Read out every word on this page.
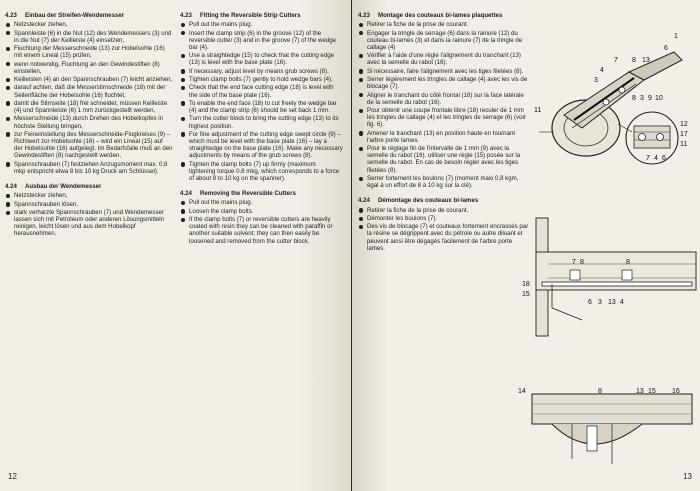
4.23	Einbau der Streifen-Wendemesser
Netzstecker ziehen,
Spannleiste (6) in die Nut (12) des Wendemessers (3) und in die Nut (7) der Keilleiste (4) einsetzen,
Fluchtung der Messerschneide (13) zur Hobelsohle (16) mit einem Lineal (15) prüfen,
wenn notwendig, Fluchtung an den Gewindestiften (8) einstellen,
Keilleisten (4) an den Spannschrauben (7) leicht anziehen,
darauf achten, daß die Messerstirnschneide (18) mit der Seitenfläche der Hobelsohle (16) fluchtet,
damit die Stirnseite (18) frei schneidet, müssen Keilleiste (4) und Spannleiste (6) 1 mm zurückgestellt werden,
Messerschneide (13) durch Drehen des Hobelkopfes in höchste Stellung bringen,
zur Feineinstellung des Messerschneide-Flugkreises (9) – Richtwert zur Hobelsohle (16) – wird ein Lineal (15) auf der Hobelsohle (16) aufgelegt. Im Bedarfsfalle muß an den Gewindestiften (8) nachgestellt werden,
Spannschrauben (7) festziehen Anzugsmoment max. 0,8 mkp entspricht etwa 8 bis 10 kg Druck am Schlüssel).
4.24	Ausbau der Wendemesser
Netzstecker ziehen,
Spannschrauben lösen,
stark verharzte Spannschrauben (7) und Wendemesser lassen sich mit Petroleum oder anderen Lösungsmitteln reinigen, leicht lösen und aus dem Hobelkopf herausnehmen.
4.23	Fitting the Reversible Strip Cutters
Pull out the mains plug.
Insert the clamp strip (6) in the groove (12) of the reversible cutter (3) and in the groove (7) of the wedge bar (4).
Use a straightedge (15) to check that the cutting edge (13) is level with the base plate (16).
If necessary, adjust level by means grub screws (8).
Tighten clamp bolts (7) gently to hold wedge bars (4).
Check that the end face cutting edge (18) is level with the side of the base plate (16).
To enable the end face (18) to cut freely the wedge bar (4) and the clamp strip (6) should be set back 1 mm.
Turn the cutter block to bring the cutting edge (13) to its highest position.
For fine adjustment of the cutting edge swept circle (9) – which must be level with the base plate (16) – lay a straightedge on the base plate (16). Make any necessary adjustments by means of the grub screws (8).
Tighten the clamp bolts (7) up firmly (maximum tightening torque 0.8 mkg, which corresponds to a force of about 8 to 10 kg on the spanner).
4.24	Removing the Reversible Cutters
Pull out the mains plug.
Loosen the clamp bolts.
If the clamp bolts (7) or reversible cutters are heavily coated with resin they can be cleaned with paraffin or another suitable solvent; they can then easily be loosened and removed from the cutter block.
12
4.23	Montage des couteaux bi-lames plaquettes
Retirer la fiche de la prise de courant.
Engager la tringle de serrage (6) dans la rainure (12) du couteau bi-lames (3) et dans la rainure (7) de la tringle de callage (4)
Vérifier à l'aide d'une règle l'alignement du tranchant (13) avec la semelle du rabot (16).
Si nécessaire, faire l'alignement avec les tiges filetées (8).
Serrer légèrement les tringles de callage (4) avec les vis de blocage (7).
Aligner le tranchant du côté frontal (18) sur la face latérale de la semelle du rabot (16).
Pour obtenir une coupe frontale libre (18) reculer de 1 mm les tringles de callage (4) et les tringles de serrage (6) (voir fig. 6).
Amener le tranchant (13) en position haute en tournant l'arbre porte lames.
Pour le réglage fin de l'intervalle de 1 mm (9) avec la semelle du rabot (16), utiliser une règle (15) posée sur la semelle du rabot. En cas de besoin régler avec les tiges filetées (8).
Serrer fortement les boulons (7) (moment maxi 0,8 kgm, égal à un effort de 8 à 10 kg sur la clé).
4.24	Démontage des couteaux bi-lames
Retirer la fiche de la prise de courant.
Démonter les boulons (7).
Des vis de blocage (7) et couteaux fortement encrassés par la résine se dégrippent avec du pétrole ou autre diluant et peuvent ainsi être dégagés facilement de l'arbre porte lames.
7 8 13
4
3
6
1
8 3 9 10
12
17
11
7 4 6
11
7 8	8
18
15
6 3 13 4
14	8	13 15 16
13
